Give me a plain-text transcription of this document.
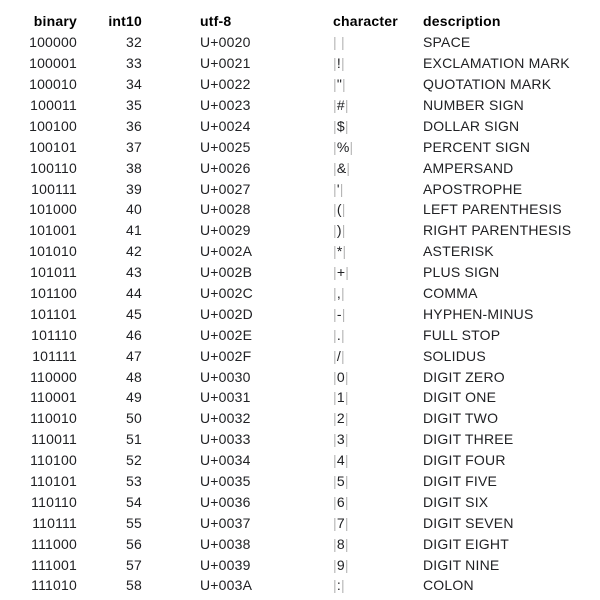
binary	int10	utf-8	character	description
100000	32	U+0020	| |	SPACE
100001	33	U+0021	|!|	EXCLAMATION MARK
100010	34	U+0022	|"|	QUOTATION MARK
100011	35	U+0023	|#|	NUMBER SIGN
100100	36	U+0024	|$|	DOLLAR SIGN
100101	37	U+0025	|%|	PERCENT SIGN
100110	38	U+0026	|&|	AMPERSAND
100111	39	U+0027	|'|	APOSTROPHE
101000	40	U+0028	|(|	LEFT PARENTHESIS
101001	41	U+0029	|)|	RIGHT PARENTHESIS
101010	42	U+002A	|*|	ASTERISK
101011	43	U+002B	|+|	PLUS SIGN
101100	44	U+002C	|,|	COMMA
101101	45	U+002D	|-|	HYPHEN-MINUS
101110	46	U+002E	|.|	FULL STOP
101111	47	U+002F	|/|	SOLIDUS
110000	48	U+0030	|0|	DIGIT ZERO
110001	49	U+0031	|1|	DIGIT ONE
110010	50	U+0032	|2|	DIGIT TWO
110011	51	U+0033	|3|	DIGIT THREE
110100	52	U+0034	|4|	DIGIT FOUR
110101	53	U+0035	|5|	DIGIT FIVE
110110	54	U+0036	|6|	DIGIT SIX
110111	55	U+0037	|7|	DIGIT SEVEN
111000	56	U+0038	|8|	DIGIT EIGHT
111001	57	U+0039	|9|	DIGIT NINE
111010	58	U+003A	|:|	COLON
